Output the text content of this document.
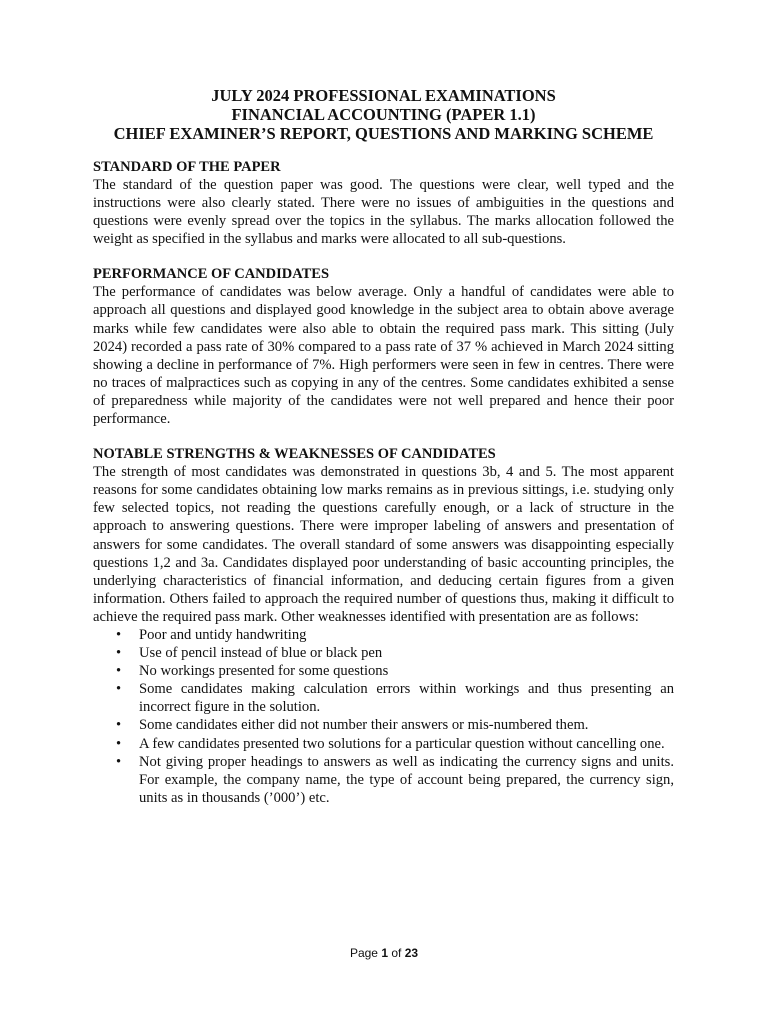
JULY 2024 PROFESSIONAL EXAMINATIONS

FINANCIAL ACCOUNTING (PAPER 1.1)

CHIEF EXAMINER’S REPORT, QUESTIONS AND MARKING SCHEME

STANDARD OF THE PAPER

The standard of the question paper was good. The questions were clear, well typed and the instructions were also clearly stated. There were no issues of ambiguities in the questions and questions were evenly spread over the topics in the syllabus. The marks allocation followed the weight as specified in the syllabus and marks were allocated to all sub-questions.

PERFORMANCE OF CANDIDATES

The performance of candidates was below average. Only a handful of candidates were able to approach all questions and displayed good knowledge in the subject area to obtain above average marks while few candidates were also able to obtain the required pass mark. This sitting (July 2024) recorded a pass rate of 30% compared to a pass rate of 37 % achieved in March 2024 sitting showing a decline in performance of 7%. High performers were seen in few in centres. There were no traces of malpractices such as copying in any of the centres. Some candidates exhibited a sense of preparedness while majority of the candidates were not well prepared and hence their poor performance.

NOTABLE STRENGTHS & WEAKNESSES OF CANDIDATES

The strength of most candidates was demonstrated in questions 3b, 4 and 5. The most apparent reasons for some candidates obtaining low marks remains as in previous sittings, i.e. studying only few selected topics, not reading the questions carefully enough, or a lack of structure in the approach to answering questions. There were improper labeling of answers and presentation of answers for some candidates. The overall standard of some answers was disappointing especially questions 1,2 and 3a. Candidates displayed poor understanding of basic accounting principles, the underlying characteristics of financial information, and deducing certain figures from a given information. Others failed to approach the required number of questions thus, making it difficult to achieve the required pass mark. Other weaknesses identified with presentation are as follows:

• Poor and untidy handwriting
• Use of pencil instead of blue or black pen
• No workings presented for some questions
• Some candidates making calculation errors within workings and thus presenting an incorrect figure in the solution.
• Some candidates either did not number their answers or mis-numbered them.
• A few candidates presented two solutions for a particular question without cancelling one.
• Not giving proper headings to answers as well as indicating the currency signs and units. For example, the company name, the type of account being prepared, the currency sign, units as in thousands (’000’) etc.
Page 1 of 23
